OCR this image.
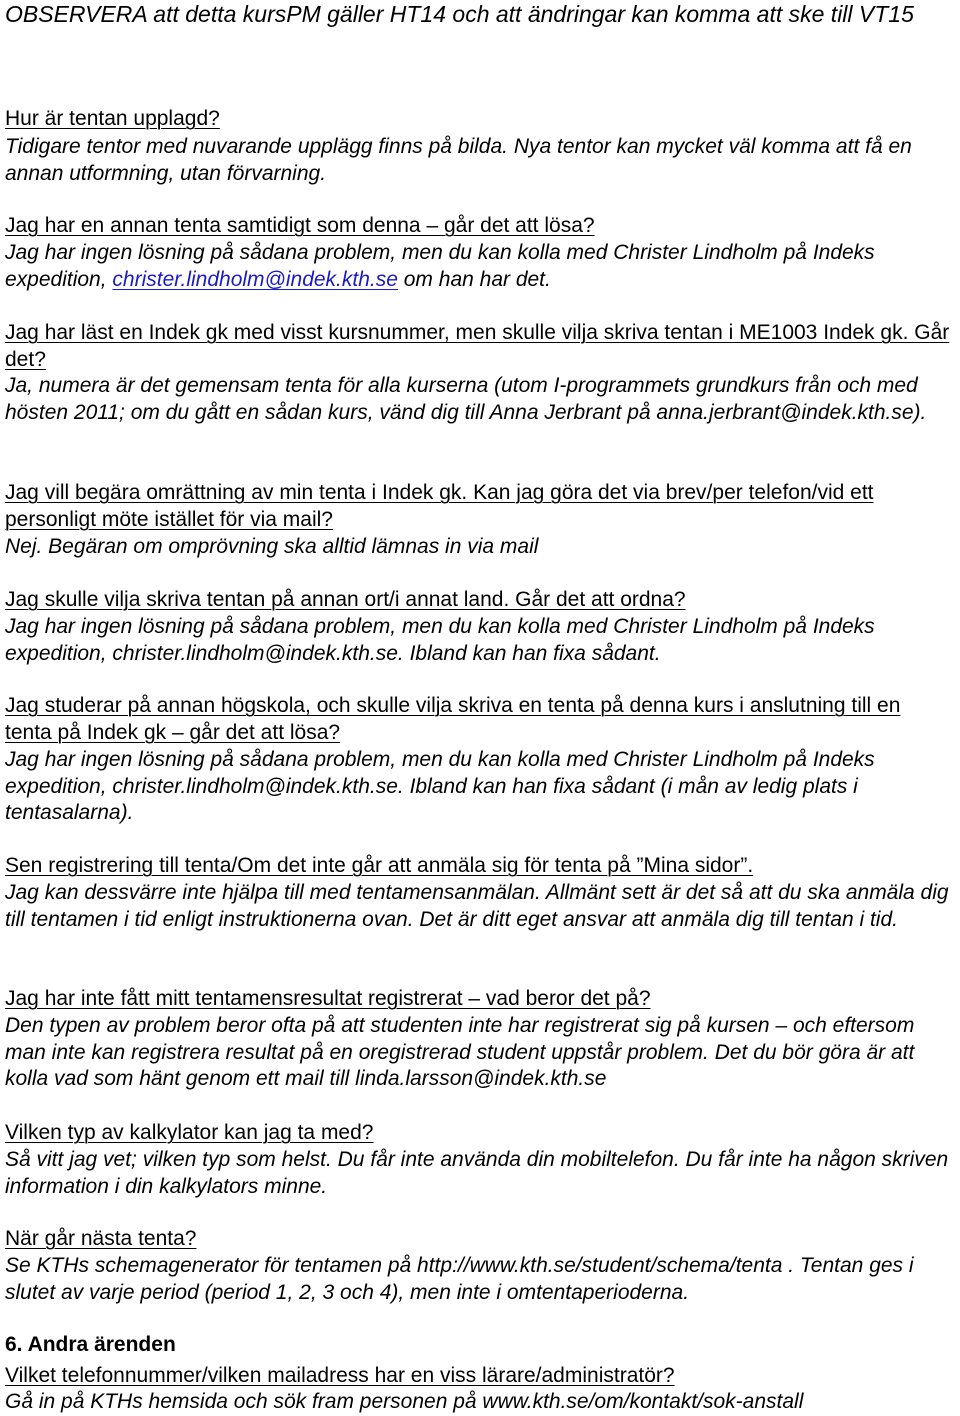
OBSERVERA att detta kursPM gäller HT14 och att ändringar kan komma att ske till VT15

Hur är tentan upplagd?

Tidigare tentor med nuvarande upplägg finns på bilda. Nya tentor kan mycket väl komma att få en annan utformning, utan förvarning.

Jag har en annan tenta samtidigt som denna – går det att lösa?

Jag har ingen lösning på sådana problem, men du kan kolla med Christer Lindholm på Indeks expedition, christer.lindholm@indek.kth.se om han har det.

Jag har läst en Indek gk med visst kursnummer, men skulle vilja skriva tentan i ME1003 Indek gk. Går det?

Ja, numera är det gemensam tenta för alla kurserna (utom I-programmets grundkurs från och med hösten 2011; om du gått en sådan kurs, vänd dig till Anna Jerbrant på anna.jerbrant@indek.kth.se).

Jag vill begära omrättning av min tenta i Indek gk. Kan jag göra det via brev/per telefon/vid ett personligt möte istället för via mail?

Nej. Begäran om omprövning ska alltid lämnas in via mail

Jag skulle vilja skriva tentan på annan ort/i annat land. Går det att ordna?

Jag har ingen lösning på sådana problem, men du kan kolla med Christer Lindholm på Indeks expedition, christer.lindholm@indek.kth.se. Ibland kan han fixa sådant.

Jag studerar på annan högskola, och skulle vilja skriva en tenta på denna kurs i anslutning till en tenta på Indek gk – går det att lösa?

Jag har ingen lösning på sådana problem, men du kan kolla med Christer Lindholm på Indeks expedition, christer.lindholm@indek.kth.se. Ibland kan han fixa sådant (i mån av ledig plats i tentasalarna).

Sen registrering till tenta/Om det inte går att anmäla sig för tenta på ”Mina sidor”.

Jag kan dessvärre inte hjälpa till med tentamensanmälan. Allmänt sett är det så att du ska anmäla dig till tentamen i tid enligt instruktionerna ovan. Det är ditt eget ansvar att anmäla dig till tentan i tid.

Jag har inte fått mitt tentamensresultat registrerat – vad beror det på?

Den typen av problem beror ofta på att studenten inte har registrerat sig på kursen – och eftersom man inte kan registrera resultat på en oregistrerad student uppstår problem. Det du bör göra är att kolla vad som hänt genom ett mail till linda.larsson@indek.kth.se

Vilken typ av kalkylator kan jag ta med?

Så vitt jag vet; vilken typ som helst. Du får inte använda din mobiltelefon. Du får inte ha någon skriven information i din kalkylators minne.

När går nästa tenta?

Se KTHs schemagenerator för tentamen på http://www.kth.se/student/schema/tenta . Tentan ges i slutet av varje period (period 1, 2, 3 och 4), men inte i omtentaperioderna.

6. Andra ärenden

Vilket telefonnummer/vilken mailadress har en viss lärare/administratör?

Gå in på KTHs hemsida och sök fram personen på www.kth.se/om/kontakt/sok-anstall
